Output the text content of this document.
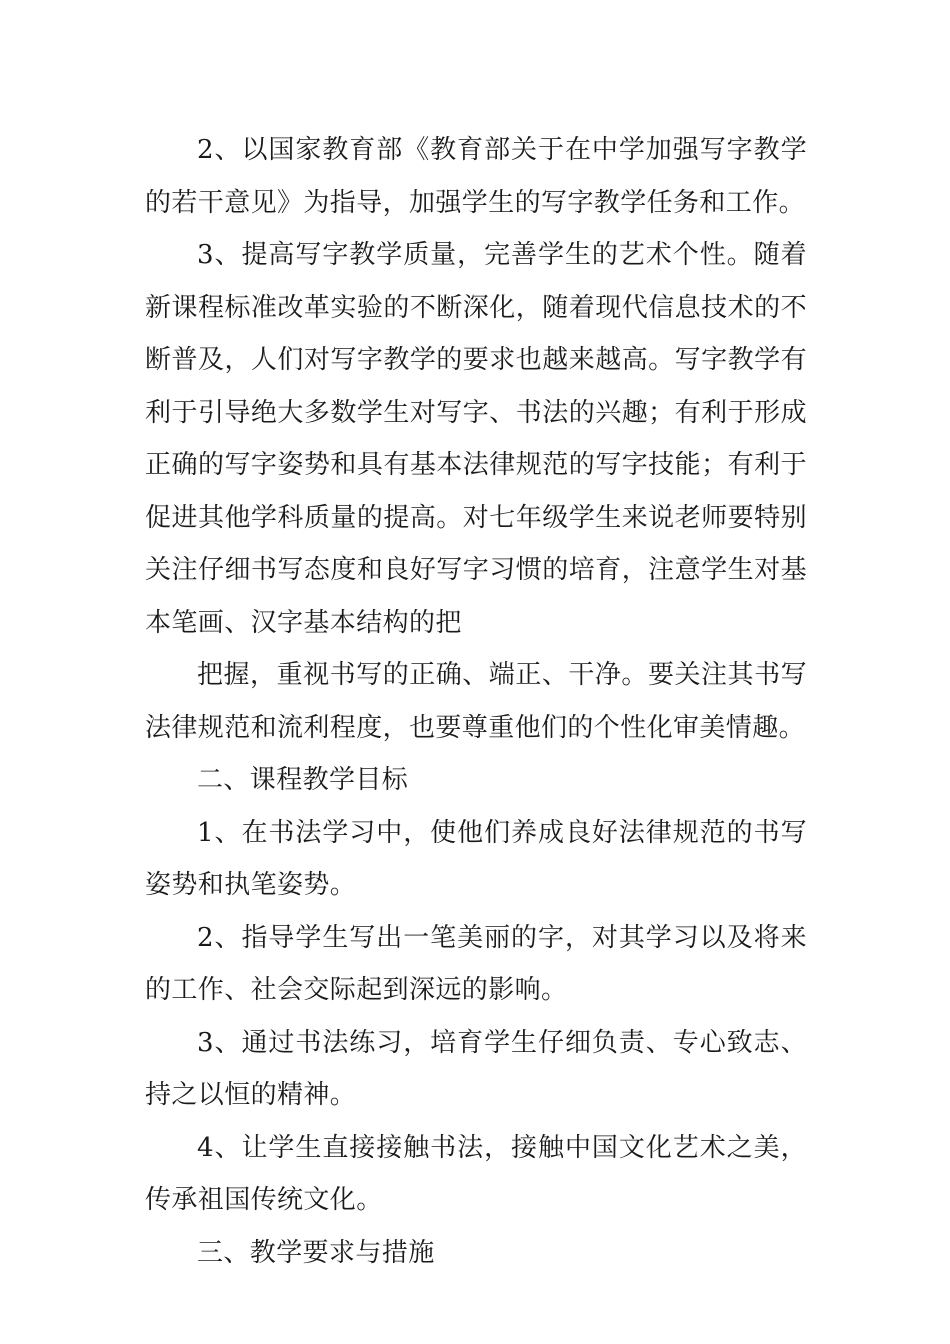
2、以国家教育部《教育部关于在中学加强写字教学的若干意见》为指导，加强学生的写字教学任务和工作。

3、提高写字教学质量，完善学生的艺术个性。随着新课程标准改革实验的不断深化，随着现代信息技术的不断普及，人们对写字教学的要求也越来越高。写字教学有利于引导绝大多数学生对写字、书法的兴趣；有利于形成正确的写字姿势和具有基本法律规范的写字技能；有利于促进其他学科质量的提高。对七年级学生来说老师要特别关注仔细书写态度和良好写字习惯的培育，注意学生对基本笔画、汉字基本结构的把

把握，重视书写的正确、端正、干净。要关注其书写法律规范和流利程度，也要尊重他们的个性化审美情趣。

二、课程教学目标

1、在书法学习中，使他们养成良好法律规范的书写姿势和执笔姿势。

2、指导学生写出一笔美丽的字，对其学习以及将来的工作、社会交际起到深远的影响。

3、通过书法练习，培育学生仔细负责、专心致志、持之以恒的精神。

4、让学生直接接触书法，接触中国文化艺术之美，传承祖国传统文化。

三、教学要求与措施
